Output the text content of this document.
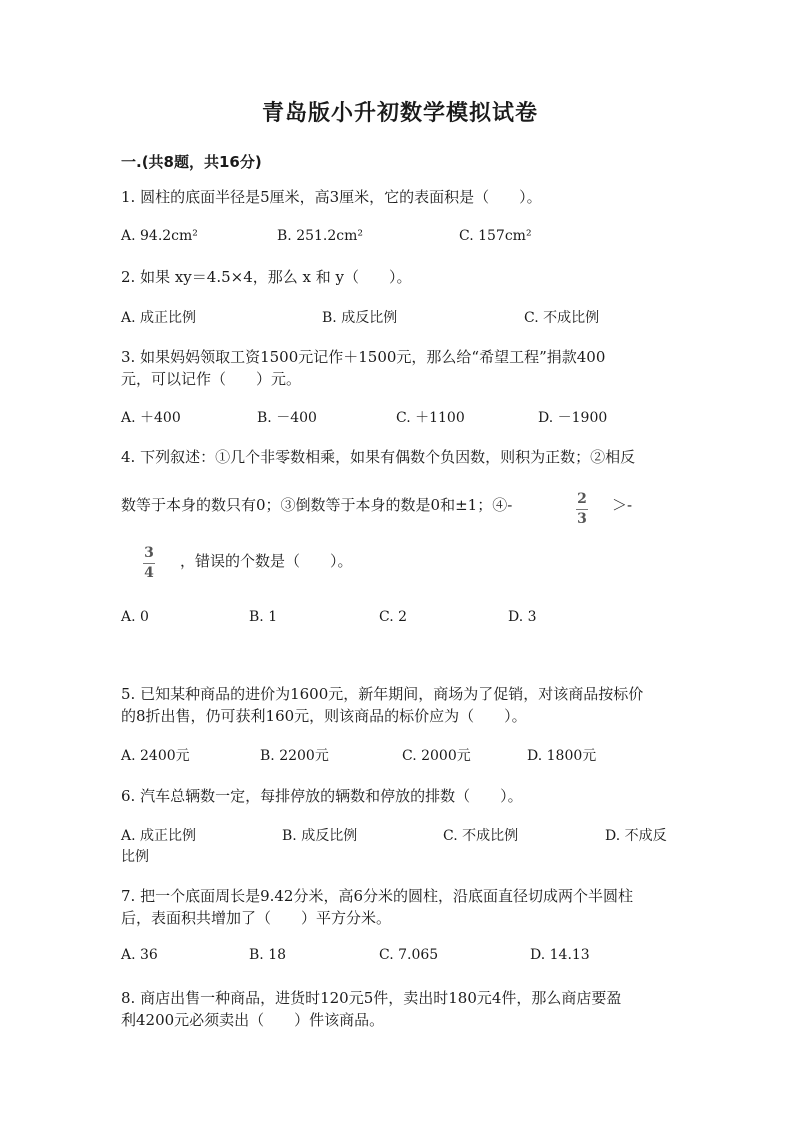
青岛版小升初数学模拟试卷
一.(共8题，共16分)
1. 圆柱的底面半径是5厘米，高3厘米，它的表面积是（　　）。
A. 94.2cm²	B. 251.2cm²	C. 157cm²
2. 如果 xy＝4.5×4，那么 x 和 y（　　）。
A. 成正比例	B. 成反比例	C. 不成比例
3. 如果妈妈领取工资1500元记作＋1500元，那么给“希望工程”捐款400
元，可以记作（　　）元。
A. ＋400	B. －400	C. ＋1100	D. －1900
4. 下列叙述：①几个非零数相乘，如果有偶数个负因数，则积为正数；②相反
数等于本身的数只有0；③倒数等于本身的数是0和±1；④-	2
3
＞-
3
4
，错误的个数是（　　）。
A. 0	B. 1	C. 2	D. 3
5. 已知某种商品的进价为1600元，新年期间，商场为了促销，对该商品按标价
的8折出售，仍可获利160元，则该商品的标价应为（　　）。
A. 2400元	B. 2200元	C. 2000元	D. 1800元
6. 汽车总辆数一定，每排停放的辆数和停放的排数（　　）。
A. 成正比例	B. 成反比例	C. 不成比例	D. 不成反
比例
7. 把一个底面周长是9.42分米，高6分米的圆柱，沿底面直径切成两个半圆柱
后，表面积共增加了（　　）平方分米。
A. 36	B. 18	C. 7.065	D. 14.13
8. 商店出售一种商品，进货时120元5件，卖出时180元4件，那么商店要盈
利4200元必须卖出（　　）件该商品。
